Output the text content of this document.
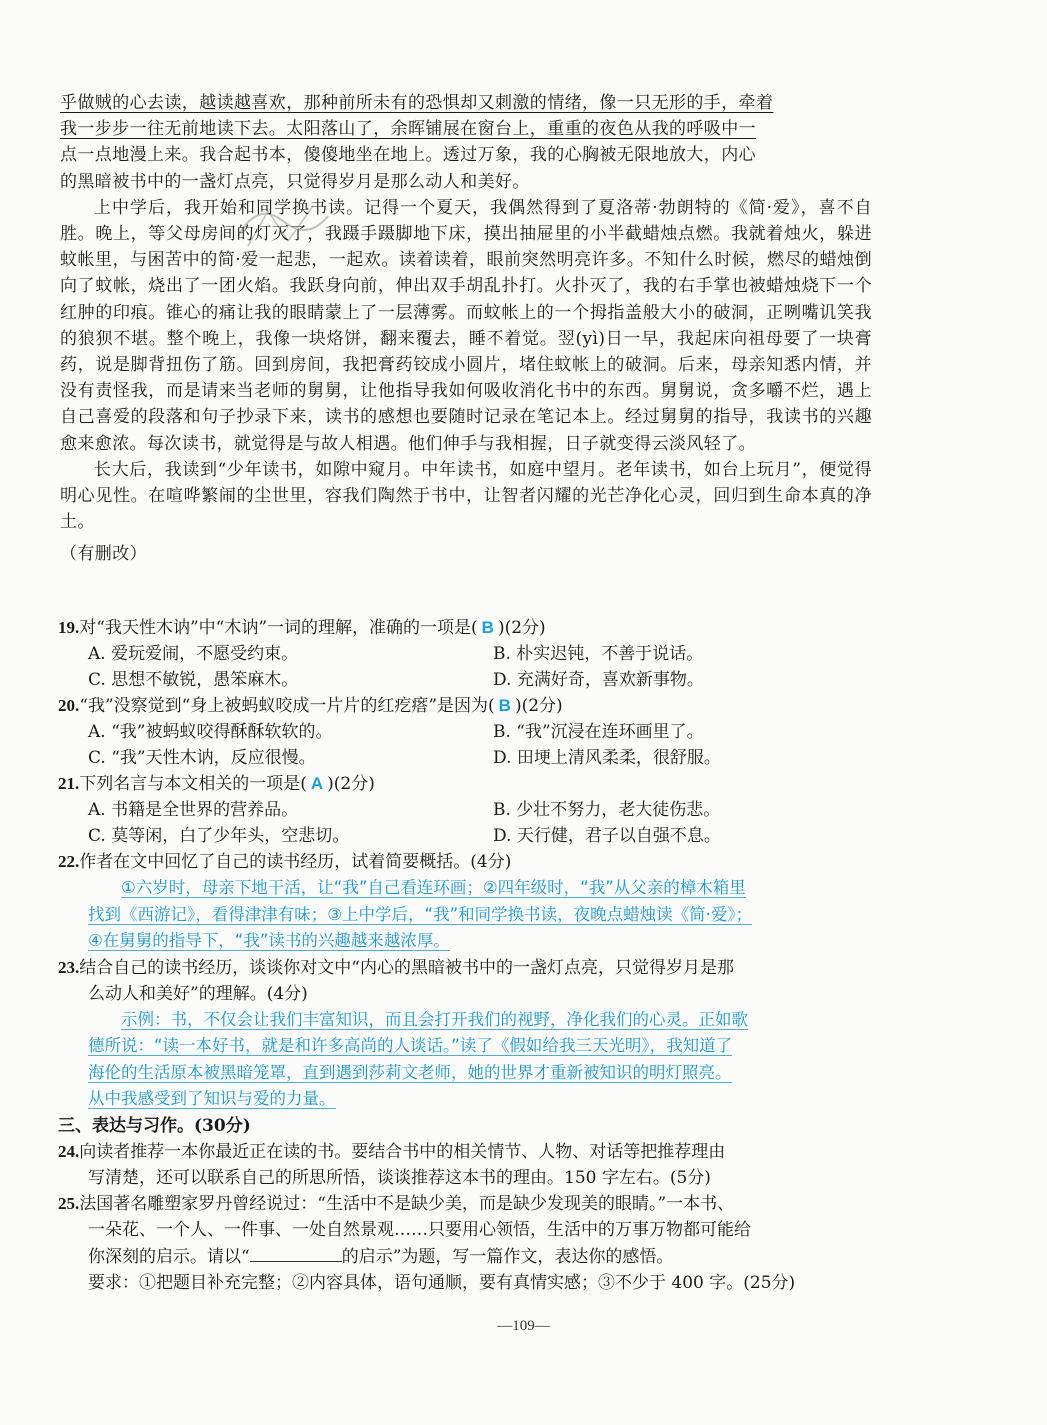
乎做贼的心去读，越读越喜欢，那种前所未有的恐惧却又刺激的情绪，像一只无形的手，牵着

我一步步一往无前地读下去。太阳落山了，余晖铺展在窗台上，重重的夜色从我的呼吸中一

点一点地漫上来。我合起书本，傻傻地坐在地上。透过万象，我的心胸被无限地放大，内心

的黑暗被书中的一盏灯点亮，只觉得岁月是那么动人和美好。

上中学后，我开始和同学换书读。记得一个夏天，我偶然得到了夏洛蒂·勃朗特的《简·爱》，喜不自胜。晚上，等父母房间的灯灭了，我蹑手蹑脚地下床，摸出抽屉里的小半截蜡烛点燃。我就着烛火，躲进蚊帐里，与困苦中的简·爱一起悲，一起欢。读着读着，眼前突然明亮许多。不知什么时候，燃尽的蜡烛倒向了蚊帐，烧出了一团火焰。我跃身向前，伸出双手胡乱扑打。火扑灭了，我的右手掌也被蜡烛烧下一个红肿的印痕。锥心的痛让我的眼睛蒙上了一层薄雾。而蚊帐上的一个拇指盖般大小的破洞，正咧嘴讥笑我的狼狈不堪。整个晚上，我像一块烙饼，翻来覆去，睡不着觉。翌(yì)日一早，我起床向祖母要了一块膏药，说是脚背扭伤了筋。回到房间，我把膏药铰成小圆片，堵住蚊帐上的破洞。后来，母亲知悉内情，并没有责怪我，而是请来当老师的舅舅，让他指导我如何吸收消化书中的东西。舅舅说，贪多嚼不烂，遇上自己喜爱的段落和句子抄录下来，读书的感想也要随时记录在笔记本上。经过舅舅的指导，我读书的兴趣愈来愈浓。每次读书，就觉得是与故人相遇。他们伸手与我相握，日子就变得云淡风轻了。

长大后，我读到“少年读书，如隙中窥月。中年读书，如庭中望月。老年读书，如台上玩月”，便觉得明心见性。在喧哗繁闹的尘世里，容我们陶然于书中，让智者闪耀的光芒净化心灵，回归到生命本真的净土。

（有删改）

19.对“我天性木讷”中“木讷”一词的理解，准确的一项是( B )(2分)

A. 爱玩爱闹，不愿受约束。	B. 朴实迟钝，不善于说话。
C. 思想不敏锐，愚笨麻木。	D. 充满好奇，喜欢新事物。

20.“我”没察觉到“身上被蚂蚁咬成一片片的红疙瘩”是因为( B )(2分)

A. “我”被蚂蚁咬得酥酥软软的。	B. “我”沉浸在连环画里了。
C. “我”天性木讷，反应很慢。	D. 田埂上清风柔柔，很舒服。

21.下列名言与本文相关的一项是( A )(2分)

A. 书籍是全世界的营养品。	B. 少壮不努力，老大徒伤悲。
C. 莫等闲，白了少年头，空悲切。	D. 天行健，君子以自强不息。

22.作者在文中回忆了自己的读书经历，试着简要概括。(4分)

①六岁时，母亲下地干活，让“我”自己看连环画；②四年级时，“我”从父亲的樟木箱里

找到《西游记》，看得津津有味；③上中学后，“我”和同学换书读，夜晚点蜡烛读《简·爱》；

④在舅舅的指导下，“我”读书的兴趣越来越浓厚。

23.结合自己的读书经历，谈谈你对文中“内心的黑暗被书中的一盏灯点亮，只觉得岁月是那

么动人和美好”的理解。(4分)

示例：书，不仅会让我们丰富知识，而且会打开我们的视野，净化我们的心灵。正如歌

德所说：“读一本好书，就是和许多高尚的人谈话。”读了《假如给我三天光明》，我知道了

海伦的生活原本被黑暗笼罩，直到遇到莎莉文老师，她的世界才重新被知识的明灯照亮。

从中我感受到了知识与爱的力量。

三、表达与习作。(30分)

24.向读者推荐一本你最近正在读的书。要结合书中的相关情节、人物、对话等把推荐理由

写清楚，还可以联系自己的所思所悟，谈谈推荐这本书的理由。150 字左右。(5分)

25.法国著名雕塑家罗丹曾经说过：“生活中不是缺少美，而是缺少发现美的眼睛。”一本书、

一朵花、一个人、一件事、一处自然景观……只要用心领悟，生活中的万事万物都可能给

你深刻的启示。请以“	的启示”为题，写一篇作文，表达你的感悟。

要求：①把题目补充完整；②内容具体，语句通顺，要有真情实感；③不少于 400 字。(25分)

—109—
